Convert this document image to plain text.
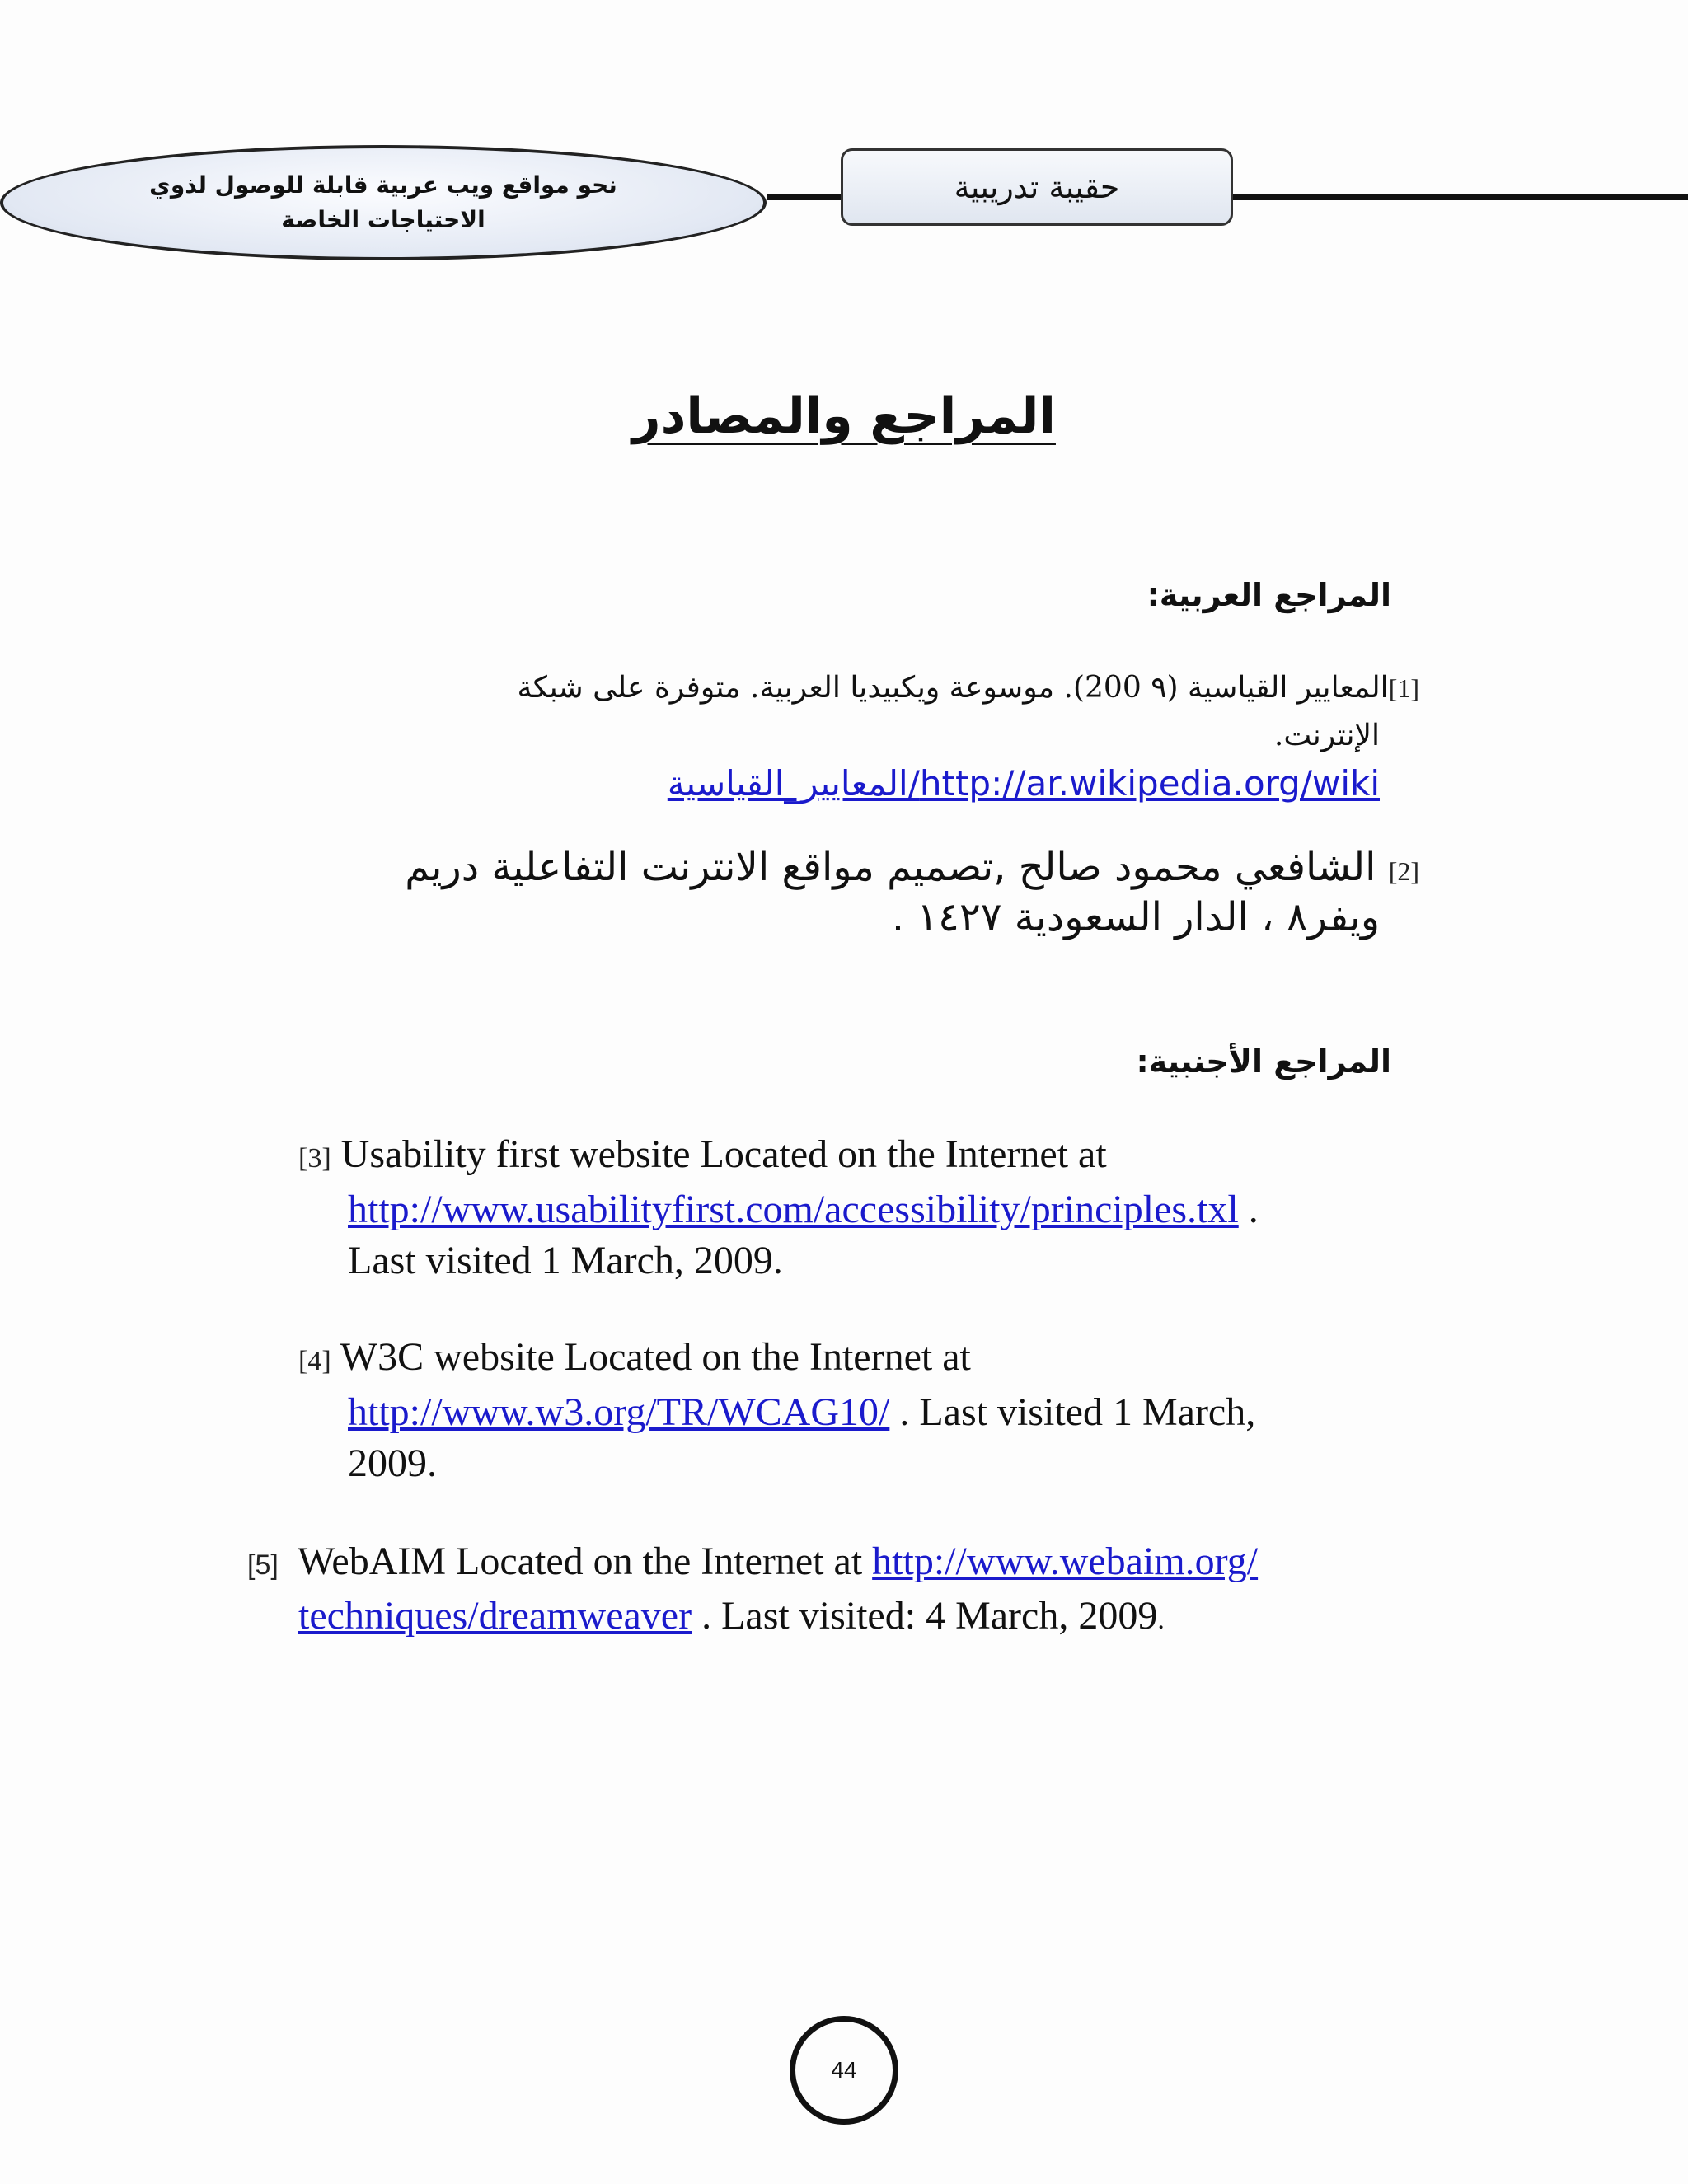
نحو مواقع ويب عربية قابلة للوصول لذوي
الاحتياجات الخاصة
حقيبة تدريبية
المراجع والمصادر
المراجع العربية:
[1]المعايير القياسية (٩ 200). موسوعة ويكبيديا العربية. متوفرة على شبكة
الإنترنت.
http://ar.wikipedia.org/wiki/المعايير_القياسية
[2] الشافعي محمود صالح ,تصميم مواقع الانترنت التفاعلية دريم
ويفر٨ ، الدار السعودية ١٤٢٧ .
المراجع الأجنبية:
[3] Usability first website Located on the Internet at
http://www.usabilityfirst.com/accessibility/principles.txl .
Last visited 1 March, 2009.
[4] W3C website Located on the Internet at
http://www.w3.org/TR/WCAG10/ . Last visited 1 March,
2009.
[5] WebAIM Located on the Internet at http://www.webaim.org/
techniques/dreamweaver . Last visited: 4 March, 2009.
44
